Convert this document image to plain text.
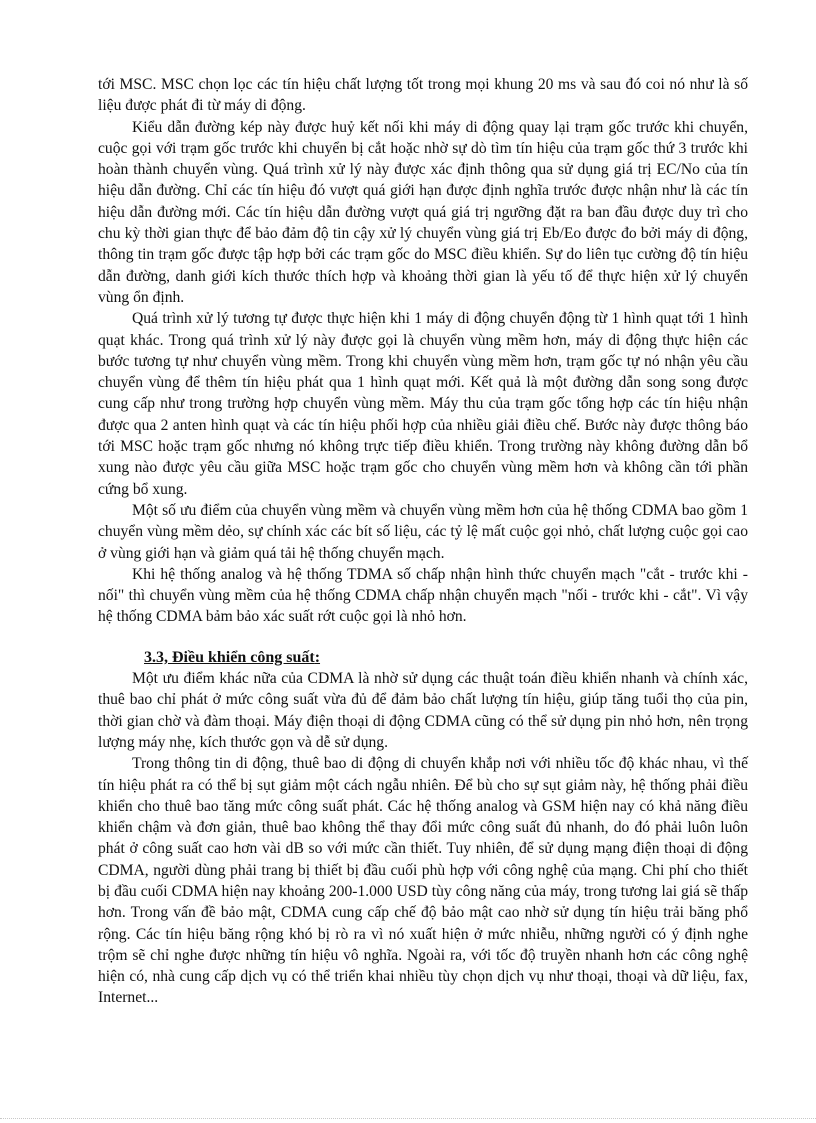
tới MSC. MSC chọn lọc các tín hiệu chất lượng tốt trong mọi khung 20 ms và sau đó coi nó như là số liệu được phát đi từ máy di động.

Kiểu dẫn đường kép này được huỷ kết nối khi máy di động quay lại trạm gốc trước khi chuyển, cuộc gọi với trạm gốc trước khi chuyển bị cắt hoặc nhờ sự dò tìm tín hiệu của trạm gốc thứ 3 trước khi hoàn thành chuyển vùng. Quá trình xử lý này được xác định thông qua sử dụng giá trị EC/No của tín hiệu dẫn đường. Chỉ các tín hiệu đó vượt quá giới hạn được định nghĩa trước được nhận như là các tín hiệu dẫn đường mới. Các tín hiệu dẫn đường vượt quá giá trị ngưỡng đặt ra ban đầu được duy trì cho chu kỳ thời gian thực để bảo đảm độ tin cậy xử lý chuyển vùng giá trị Eb/Eo được đo bởi máy di động, thông tin trạm gốc được tập hợp bởi các trạm gốc do MSC điều khiển. Sự do liên tục cường độ tín hiệu dẫn đường, danh giới kích thước thích hợp và khoảng thời gian là yếu tố để thực hiện xử lý chuyển vùng ổn định.

Quá trình xử lý tương tự được thực hiện khi 1 máy di động chuyển động từ 1 hình quạt tới 1 hình quạt khác. Trong quá trình xử lý này được gọi là chuyển vùng mềm hơn, máy di động thực hiện các bước tương tự như chuyển vùng mềm. Trong khi chuyển vùng mềm hơn, trạm gốc tự nó nhận yêu cầu chuyển vùng để thêm tín hiệu phát qua 1 hình quạt mới. Kết quả là một đường dẫn song song được cung cấp như trong trường hợp chuyển vùng mềm. Máy thu của trạm gốc tổng hợp các tín hiệu nhận được qua 2 anten hình quạt và các tín hiệu phối hợp của nhiều giải điều chế. Bước này được thông báo tới MSC hoặc trạm gốc nhưng nó không trực tiếp điều khiển. Trong trường này không đường dẫn bổ xung nào được yêu cầu giữa MSC hoặc trạm gốc cho chuyển vùng mềm hơn và không cần tới phần cứng bổ xung.

Một số ưu điểm của chuyển vùng mềm và chuyển vùng mềm hơn của hệ thống CDMA bao gồm 1 chuyển vùng mềm dẻo, sự chính xác các bít số liệu, các tỷ lệ mất cuộc gọi nhỏ, chất lượng cuộc gọi cao ở vùng giới hạn và giảm quá tải hệ thống chuyển mạch.

Khi hệ thống analog và hệ thống TDMA số chấp nhận hình thức chuyển mạch "cắt - trước khi - nối" thì chuyển vùng mềm của hệ thống CDMA chấp nhận chuyển mạch "nối - trước khi - cắt". Vì vậy hệ thống CDMA bảm bảo xác suất rớt cuộc gọi là nhỏ hơn.

3.3, Điều khiển công suất:

Một ưu điểm khác nữa của CDMA là nhờ sử dụng các thuật toán điều khiển nhanh và chính xác, thuê bao chỉ phát ở mức công suất vừa đủ để đảm bảo chất lượng tín hiệu, giúp tăng tuổi thọ của pin, thời gian chờ và đàm thoại. Máy điện thoại di động CDMA cũng có thể sử dụng pin nhỏ hơn, nên trọng lượng máy nhẹ, kích thước gọn và dễ sử dụng.

Trong thông tin di động, thuê bao di động di chuyển khắp nơi với nhiều tốc độ khác nhau, vì thế tín hiệu phát ra có thể bị sụt giảm một cách ngẫu nhiên. Để bù cho sự sụt giảm này, hệ thống phải điều khiển cho thuê bao tăng mức công suất phát. Các hệ thống analog và GSM hiện nay có khả năng điều khiển chậm và đơn giản, thuê bao không thể thay đổi mức công suất đủ nhanh, do đó phải luôn luôn phát ở công suất cao hơn vài dB so với mức cần thiết. Tuy nhiên, để sử dụng mạng điện thoại di động CDMA, người dùng phải trang bị thiết bị đầu cuối phù hợp với công nghệ của mạng. Chi phí cho thiết bị đầu cuối CDMA hiện nay khoảng 200-1.000 USD tùy công năng của máy, trong tương lai giá sẽ thấp hơn. Trong vấn đề bảo mật, CDMA cung cấp chế độ bảo mật cao nhờ sử dụng tín hiệu trải băng phổ rộng. Các tín hiệu băng rộng khó bị rò ra vì nó xuất hiện ở mức nhiễu, những người có ý định nghe trộm sẽ chỉ nghe được những tín hiệu vô nghĩa. Ngoài ra, với tốc độ truyền nhanh hơn các công nghệ hiện có, nhà cung cấp dịch vụ có thể triển khai nhiều tùy chọn dịch vụ như thoại, thoại và dữ liệu, fax, Internet...
